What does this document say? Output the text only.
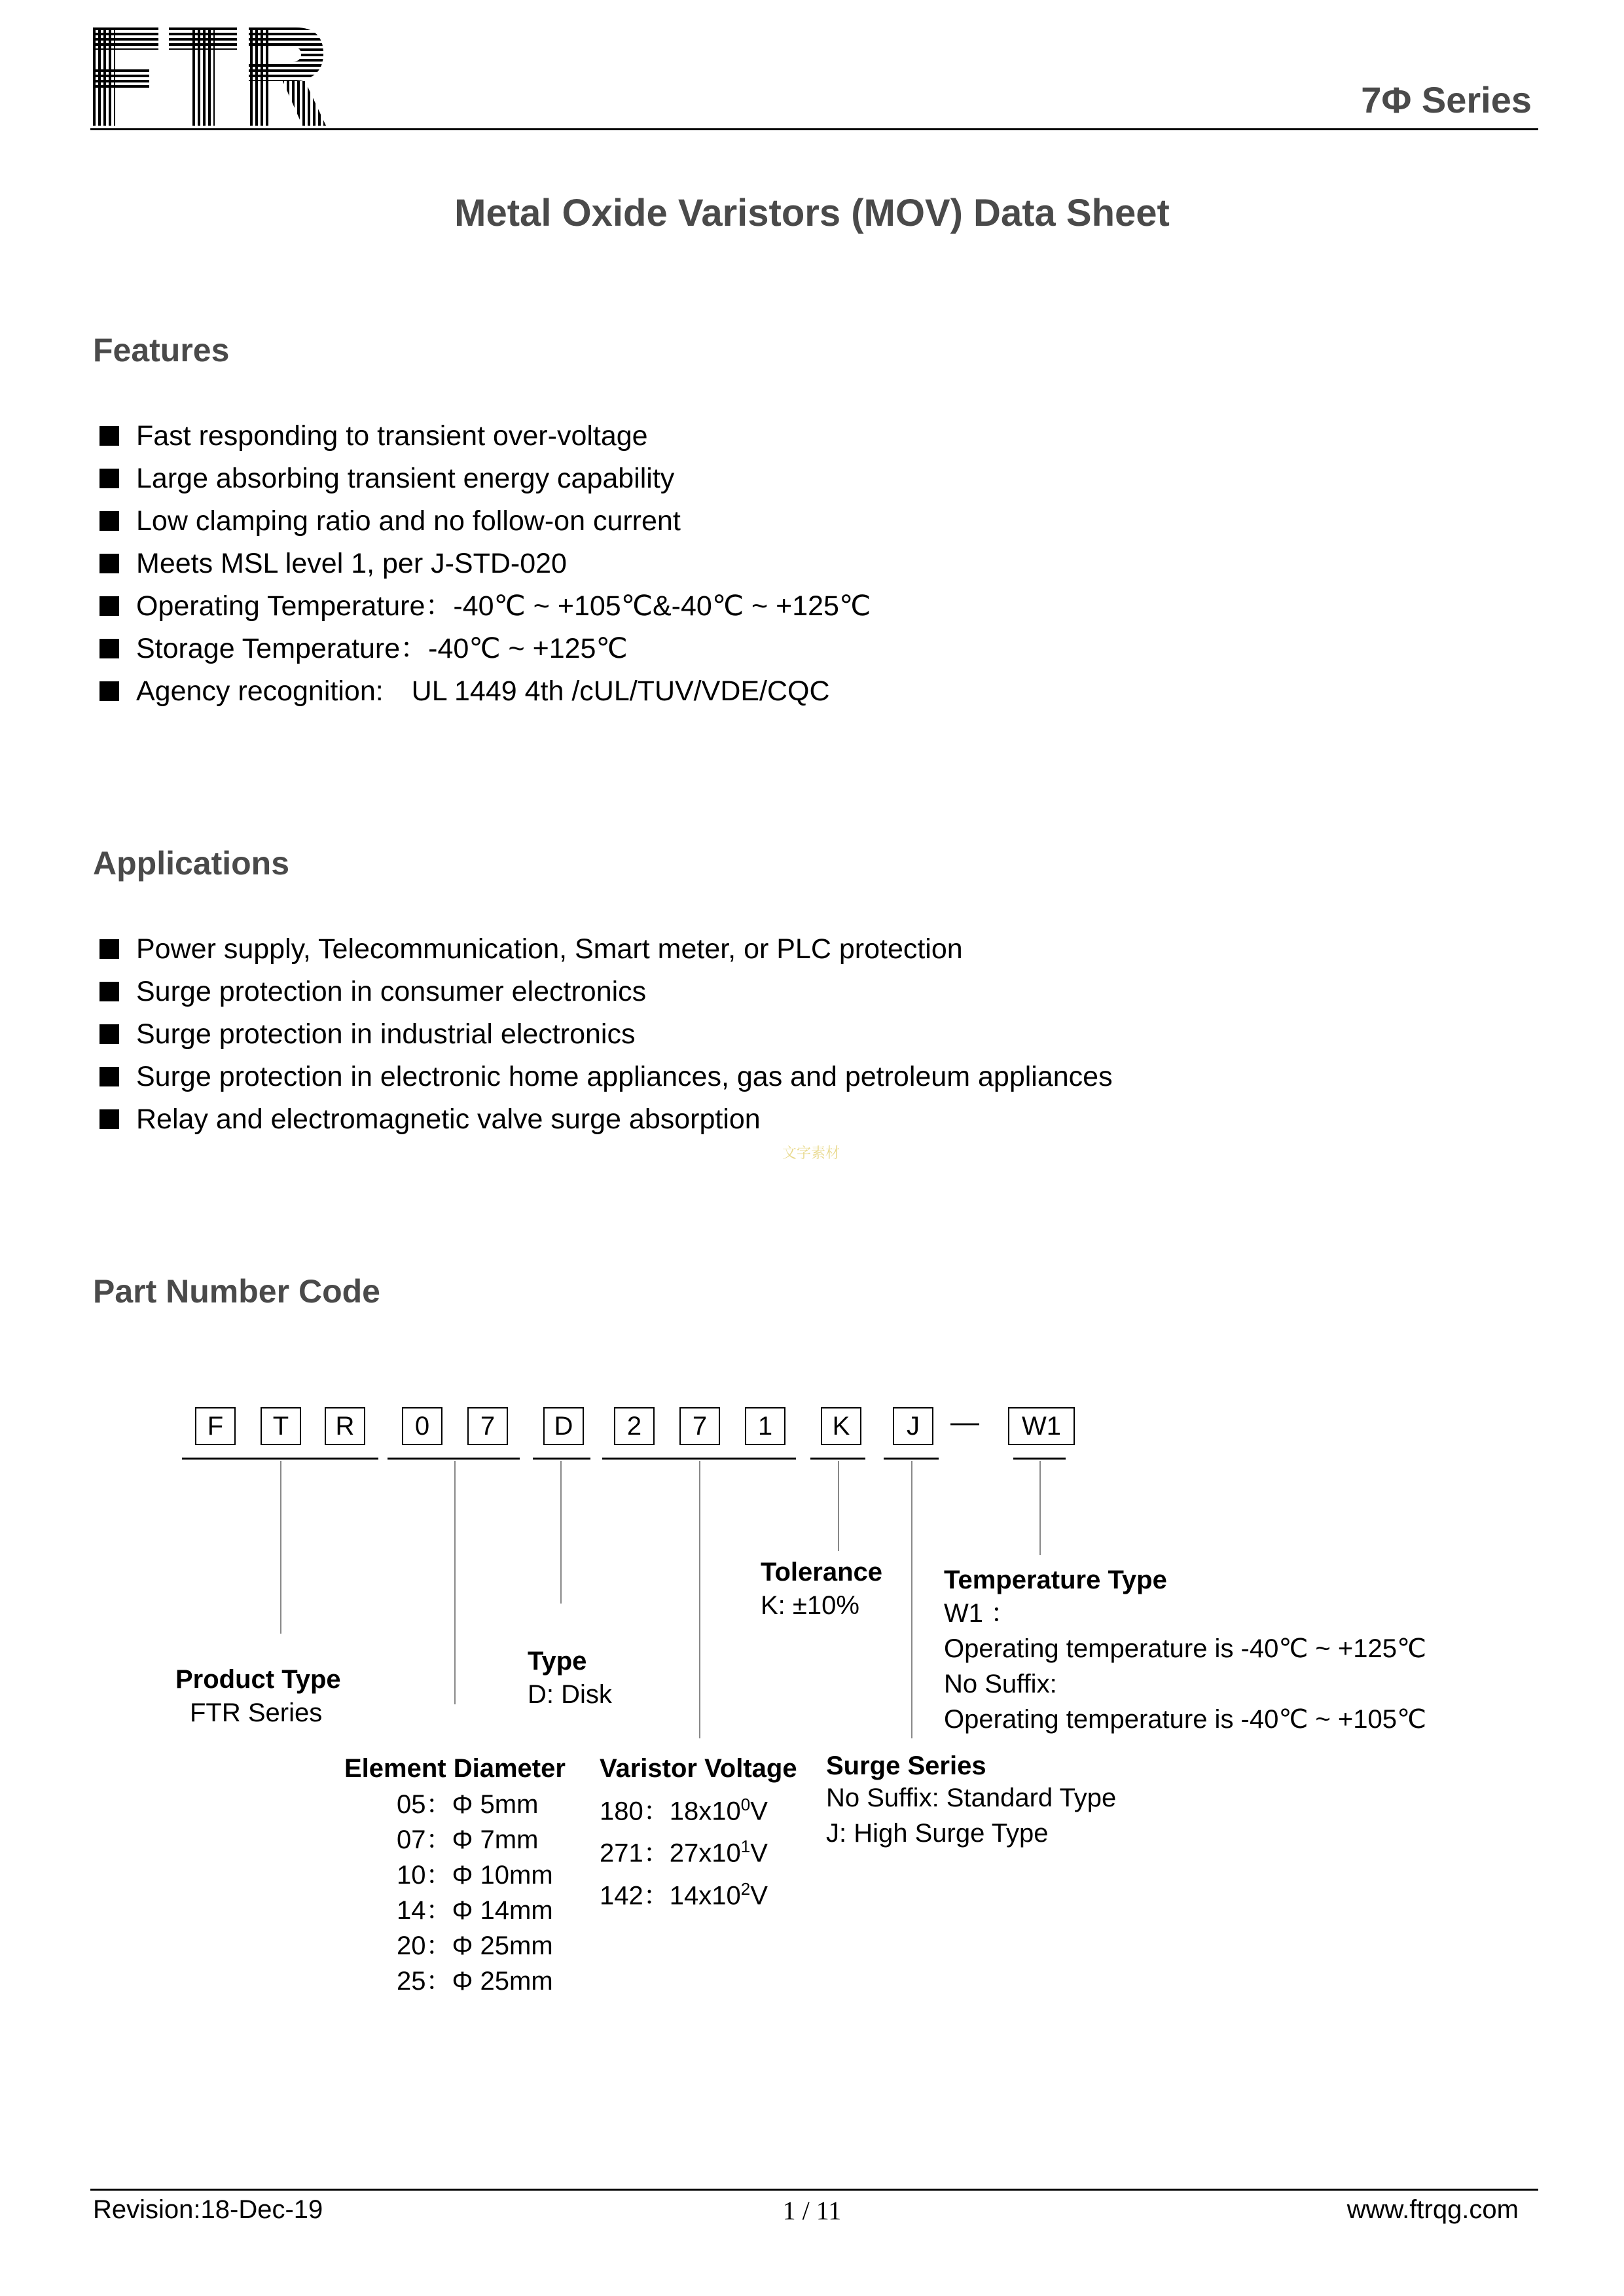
7Φ Series
Metal Oxide Varistors (MOV) Data Sheet
Features
Fast responding to transient over-voltage
Large absorbing transient energy capability
Low clamping ratio and no follow-on current
Meets MSL level 1, per J-STD-020
Operating Temperature：-40℃ ~ +105℃&-40℃ ~ +125℃
Storage Temperature：-40℃ ~ +125℃
Agency recognition:　UL 1449 4th /cUL/TUV/VDE/CQC
Applications
Power supply, Telecommunication, Smart meter, or PLC protection
Surge protection in consumer electronics
Surge protection in industrial electronics
Surge protection in electronic home appliances, gas and petroleum appliances
Relay and electromagnetic valve surge absorption
文字素材
Part Number Code
F	T	R	0	7	D	2	7	1	K	J	—	W1
Product Type
FTR Series
Type
D: Disk
Tolerance
K: ±10%
Temperature Type
W1 ：
Operating temperature is -40℃ ~ +125℃
No Suffix:
Operating temperature is -40℃ ~ +105℃
Element Diameter
05：Φ 5mm
07：Φ 7mm
10：Φ 10mm
14：Φ 14mm
20：Φ 25mm
25：Φ 25mm
Varistor Voltage
180：$18x10^0V$
271：$27x10^1V$
142：$14x10^2V$
Surge Series
No Suffix: Standard Type
J: High Surge Type
Revision:18-Dec-19	1 / 11	www.ftrqg.com
